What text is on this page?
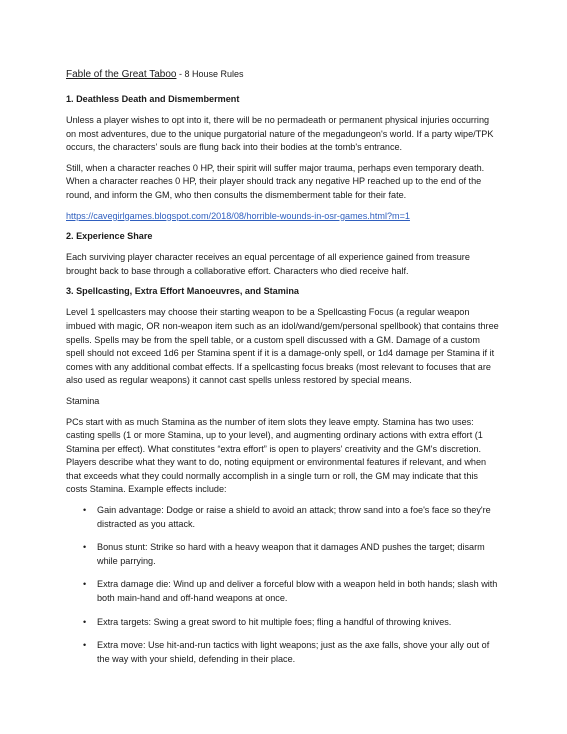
Fable of the Great Taboo - 8 House Rules
1. Deathless Death and Dismemberment

Unless a player wishes to opt into it, there will be no permadeath or permanent physical injuries occurring on most adventures, due to the unique purgatorial nature of the megadungeon's world. If a party wipe/TPK occurs, the characters' souls are flung back into their bodies at the tomb's entrance.

Still, when a character reaches 0 HP, their spirit will suffer major trauma, perhaps even temporary death. When a character reaches 0 HP, their player should track any negative HP reached up to the end of the round, and inform the GM, who then consults the dismemberment table for their fate.

https://cavegirlgames.blogspot.com/2018/08/horrible-wounds-in-osr-games.html?m=1

2. Experience Share

Each surviving player character receives an equal percentage of all experience gained from treasure brought back to base through a collaborative effort. Characters who died receive half.

3. Spellcasting, Extra Effort Manoeuvres, and Stamina

Level 1 spellcasters may choose their starting weapon to be a Spellcasting Focus (a regular weapon imbued with magic, OR non-weapon item such as an idol/wand/gem/personal spellbook) that contains three spells. Spells may be from the spell table, or a custom spell discussed with a GM. Damage of a custom spell should not exceed 1d6 per Stamina spent if it is a damage-only spell, or 1d4 damage per Stamina if it comes with any additional combat effects. If a spellcasting focus breaks (most relevant to focuses that are also used as regular weapons) it cannot cast spells unless restored by special means.

Stamina

PCs start with as much Stamina as the number of item slots they leave empty. Stamina has two uses: casting spells (1 or more Stamina, up to your level), and augmenting ordinary actions with extra effort (1 Stamina per effect). What constitutes “extra effort” is open to players' creativity and the GM's discretion. Players describe what they want to do, noting equipment or environmental features if relevant, and when that exceeds what they could normally accomplish in a single turn or roll, the GM may indicate that this costs Stamina. Example effects include:

• Gain advantage: Dodge or raise a shield to avoid an attack; throw sand into a foe's face so they're distracted as you attack.
• Bonus stunt: Strike so hard with a heavy weapon that it damages AND pushes the target; disarm while parrying.
• Extra damage die: Wind up and deliver a forceful blow with a weapon held in both hands; slash with both main-hand and off-hand weapons at once.
• Extra targets: Swing a great sword to hit multiple foes; fling a handful of throwing knives.
• Extra move: Use hit-and-run tactics with light weapons; just as the axe falls, shove your ally out of the way with your shield, defending in their place.
